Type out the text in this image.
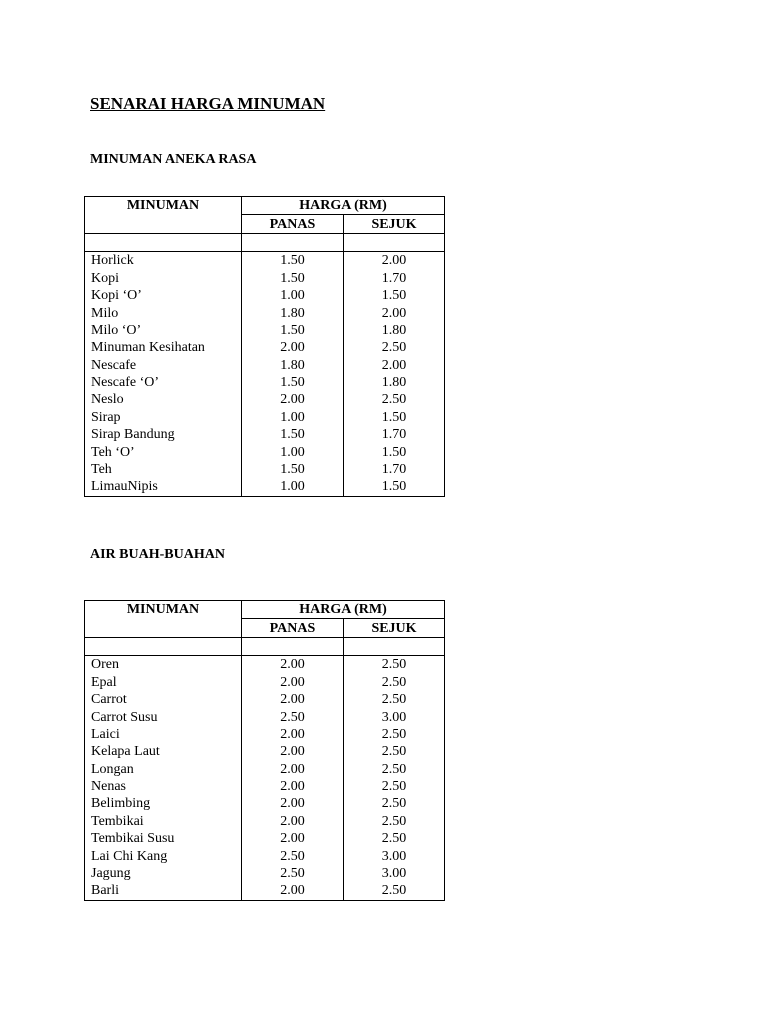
SENARAI HARGA MINUMAN
MINUMAN ANEKA RASA
MINUMAN	HARGA (RM)	
	PANAS	SEJUK

Horlick	1.50	2.00
Kopi	1.50	1.70
Kopi ‘O’	1.00	1.50
Milo	1.80	2.00
Milo ‘O’	1.50	1.80
Minuman Kesihatan	2.00	2.50
Nescafe	1.80	2.00
Nescafe ‘O’	1.50	1.80
Neslo	2.00	2.50
Sirap	1.00	1.50
Sirap Bandung	1.50	1.70
Teh ‘O’	1.00	1.50
Teh	1.50	1.70
LimauNipis	1.00	1.50
AIR BUAH-BUAHAN
MINUMAN	HARGA (RM)	
	PANAS	SEJUK

Oren	2.00	2.50
Epal	2.00	2.50
Carrot	2.00	2.50
Carrot Susu	2.50	3.00
Laici	2.00	2.50
Kelapa Laut	2.00	2.50
Longan	2.00	2.50
Nenas	2.00	2.50
Belimbing	2.00	2.50
Tembikai	2.00	2.50
Tembikai Susu	2.00	2.50
Lai Chi Kang	2.50	3.00
Jagung	2.50	3.00
Barli	2.00	2.50
